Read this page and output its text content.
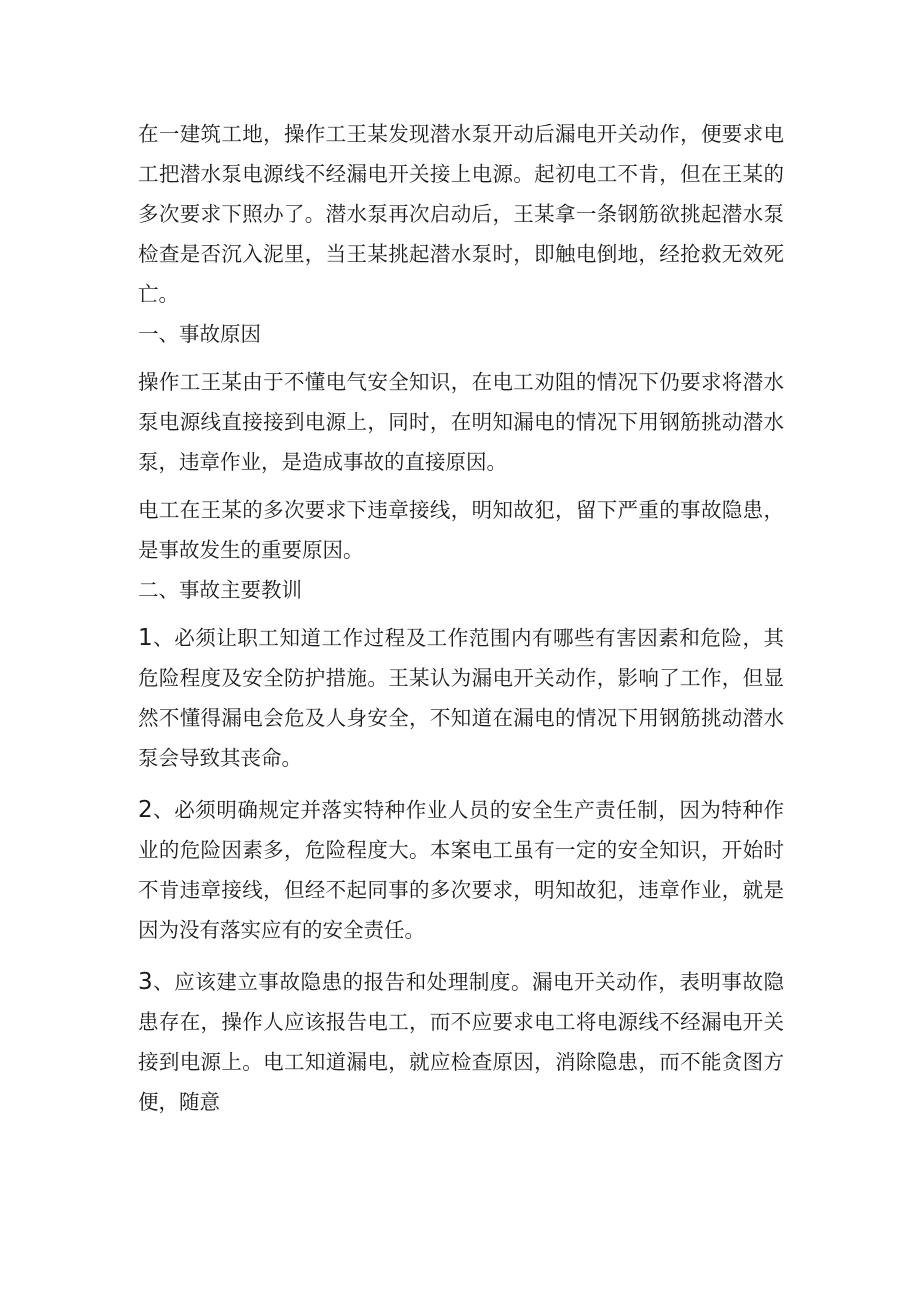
在一建筑工地，操作工王某发现潜水泵开动后漏电开关动作，便要求电工把潜水泵电源线不经漏电开关接上电源。起初电工不肯，但在王某的多次要求下照办了。潜水泵再次启动后，王某拿一条钢筋欲挑起潜水泵检查是否沉入泥里，当王某挑起潜水泵时，即触电倒地，经抢救无效死亡。

一、事故原因

操作工王某由于不懂电气安全知识，在电工劝阻的情况下仍要求将潜水泵电源线直接接到电源上，同时，在明知漏电的情况下用钢筋挑动潜水泵，违章作业，是造成事故的直接原因。

电工在王某的多次要求下违章接线，明知故犯，留下严重的事故隐患，是事故发生的重要原因。

二、事故主要教训

1、必须让职工知道工作过程及工作范围内有哪些有害因素和危险，其危险程度及安全防护措施。王某认为漏电开关动作，影响了工作，但显然不懂得漏电会危及人身安全，不知道在漏电的情况下用钢筋挑动潜水泵会导致其丧命。

2、必须明确规定并落实特种作业人员的安全生产责任制，因为特种作业的危险因素多，危险程度大。本案电工虽有一定的安全知识，开始时不肯违章接线，但经不起同事的多次要求，明知故犯，违章作业，就是因为没有落实应有的安全责任。

3、应该建立事故隐患的报告和处理制度。漏电开关动作，表明事故隐患存在，操作人应该报告电工，而不应要求电工将电源线不经漏电开关接到电源上。电工知道漏电，就应检查原因，消除隐患，而不能贪图方便，随意
